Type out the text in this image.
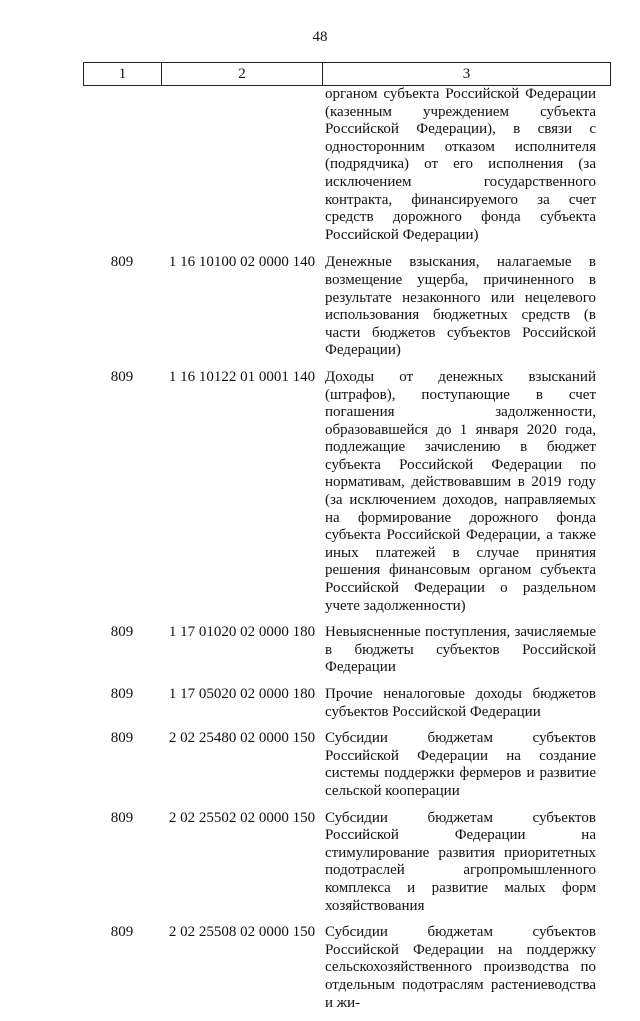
48
1	2	3
органом субъекта Российской Федерации (казенным учреждением субъекта Российской Федерации), в связи с односторонним отказом исполнителя (подрядчика) от его исполнения (за исключением государственного контракта, финансируемого за счет средств дорожного фонда субъекта Российской Федерации)
809	1 16 10100 02 0000 140 Денежные взыскания, налагаемые в возмещение ущерба, причиненного в результате незаконного или нецелевого использования бюджетных средств (в части бюджетов субъектов Российской Федерации)
809	1 16 10122 01 0001 140 Доходы от денежных взысканий (штрафов), поступающие в счет погашения задолженности, образовавшейся до 1 января 2020 года, подлежащие зачислению в бюджет субъекта Российской Федерации по нормативам, действовавшим в 2019 году (за исключением доходов, направляемых на формирование дорожного фонда субъекта Российской Федерации, а также иных платежей в случае принятия решения финансовым органом субъекта Российской Федерации о раздельном учете задолженности)
809	1 17 01020 02 0000 180 Невыясненные поступления, зачисляемые в бюджеты субъектов Российской Федерации
809	1 17 05020 02 0000 180 Прочие неналоговые доходы бюджетов субъектов Российской Федерации
809	2 02 25480 02 0000 150 Субсидии бюджетам субъектов Российской Федерации на создание системы поддержки фермеров и развитие сельской кооперации
809	2 02 25502 02 0000 150 Субсидии бюджетам субъектов Российской Федерации на стимулирование развития приоритетных подотраслей агропромышленного комплекса и развитие малых форм хозяйствования
809	2 02 25508 02 0000 150 Субсидии бюджетам субъектов Российской Федерации на поддержку сельскохозяйственного производства по отдельным подотраслям растениеводства и жи-
